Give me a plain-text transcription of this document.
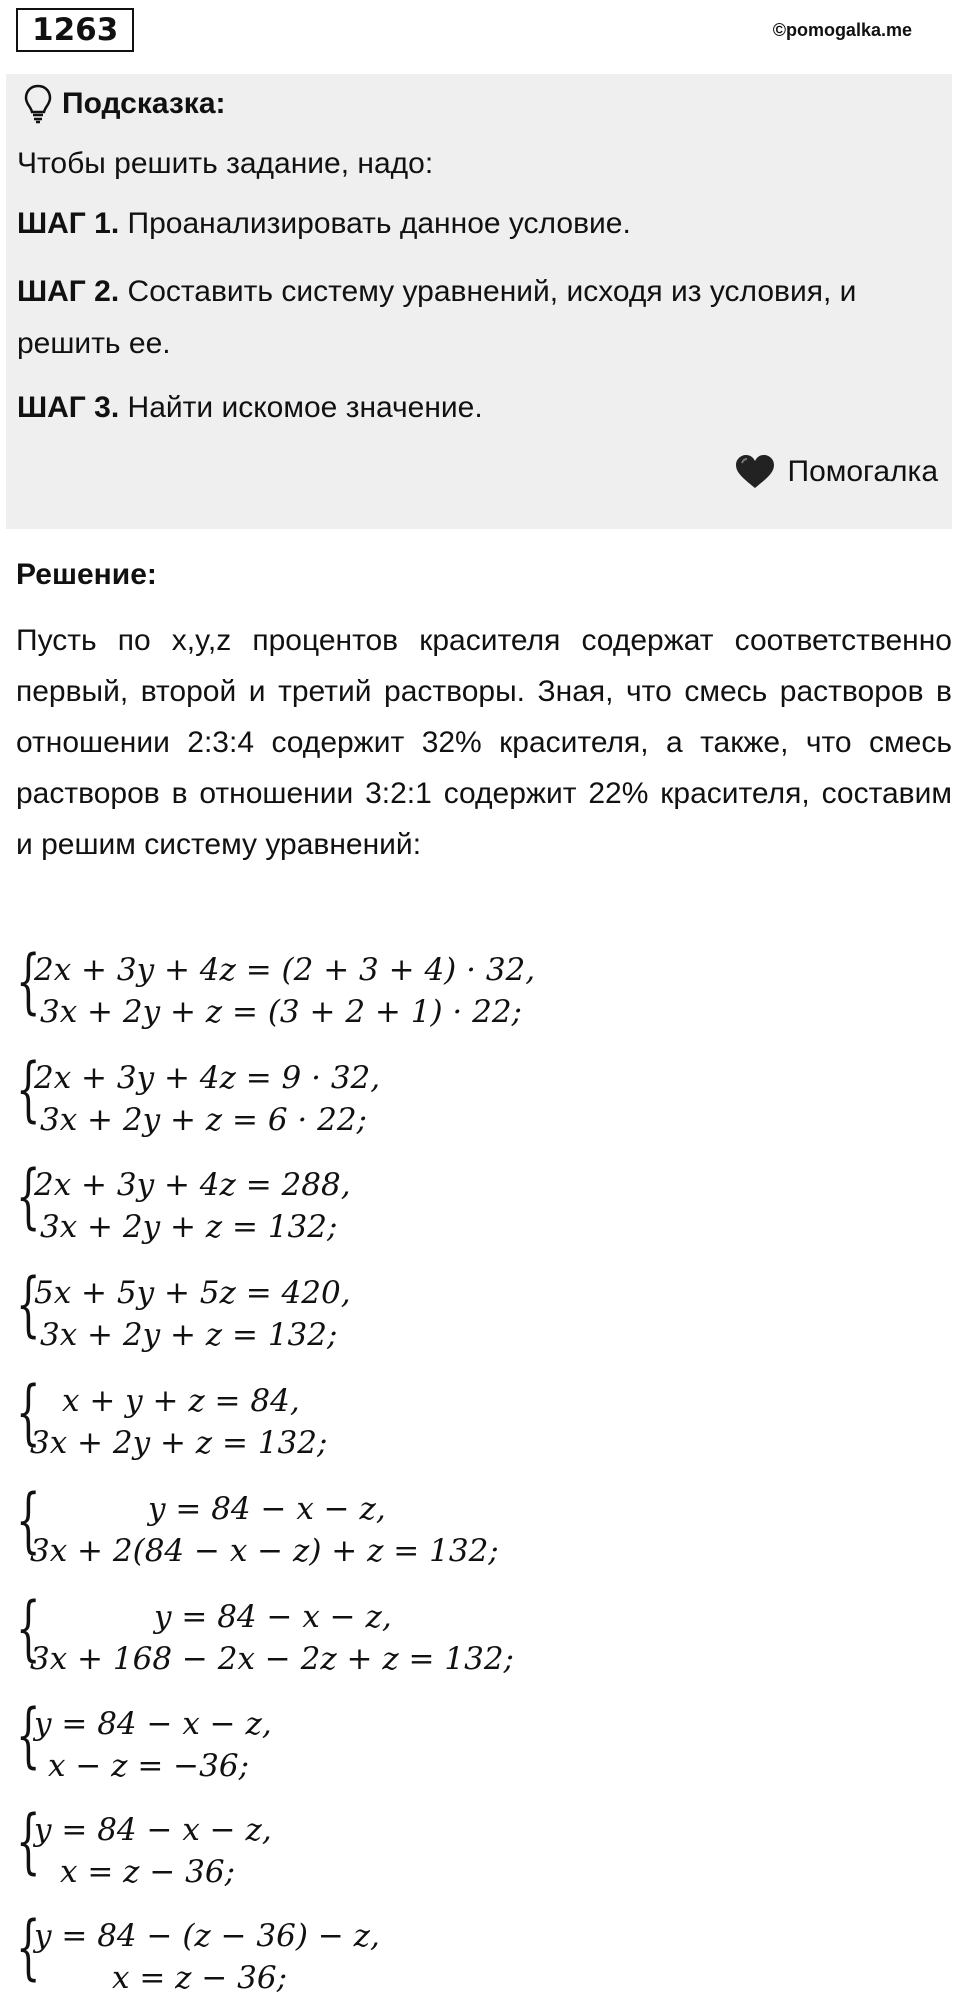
1263	©pomogalka.me
Подсказка:
Чтобы решить задание, надо:
ШАГ 1. Проанализировать данное условие.
ШАГ 2. Составить систему уравнений, исходя из условия, и решить ее.
ШАГ 3. Найти искомое значение.
Помогалка
Решение:
Пусть по x,y,z процентов красителя содержат соответственно первый, второй и третий растворы. Зная, что смесь растворов в отношении 2:3:4 содержит 32% красителя, а также, что смесь растворов в отношении 3:2:1 содержит 22% красителя, составим и решим систему уравнений:
{
2x + 3y + 4z = (2 + 3 + 4) · 32,
3x + 2y + z = (3 + 2 + 1) · 22;
{
2x + 3y + 4z = 9 · 32,
3x + 2y + z = 6 · 22;
{
2x + 3y + 4z = 288,
3x + 2y + z = 132;
{
5x + 5y + 5z = 420,
3x + 2y + z = 132;
{ x + y + z = 84,
3x + 2y + z = 132;
{	y = 84 − x − z,
3x + 2(84 − x − z) + z = 132;
{	y = 84 − x − z,
3x + 168 − 2x − 2z + z = 132;
{
y = 84 − x − z,
x − z = −36;
{
y = 84 − x − z,
x = z − 36;
{
y = 84 − (z − 36) − z,
x = z − 36;
